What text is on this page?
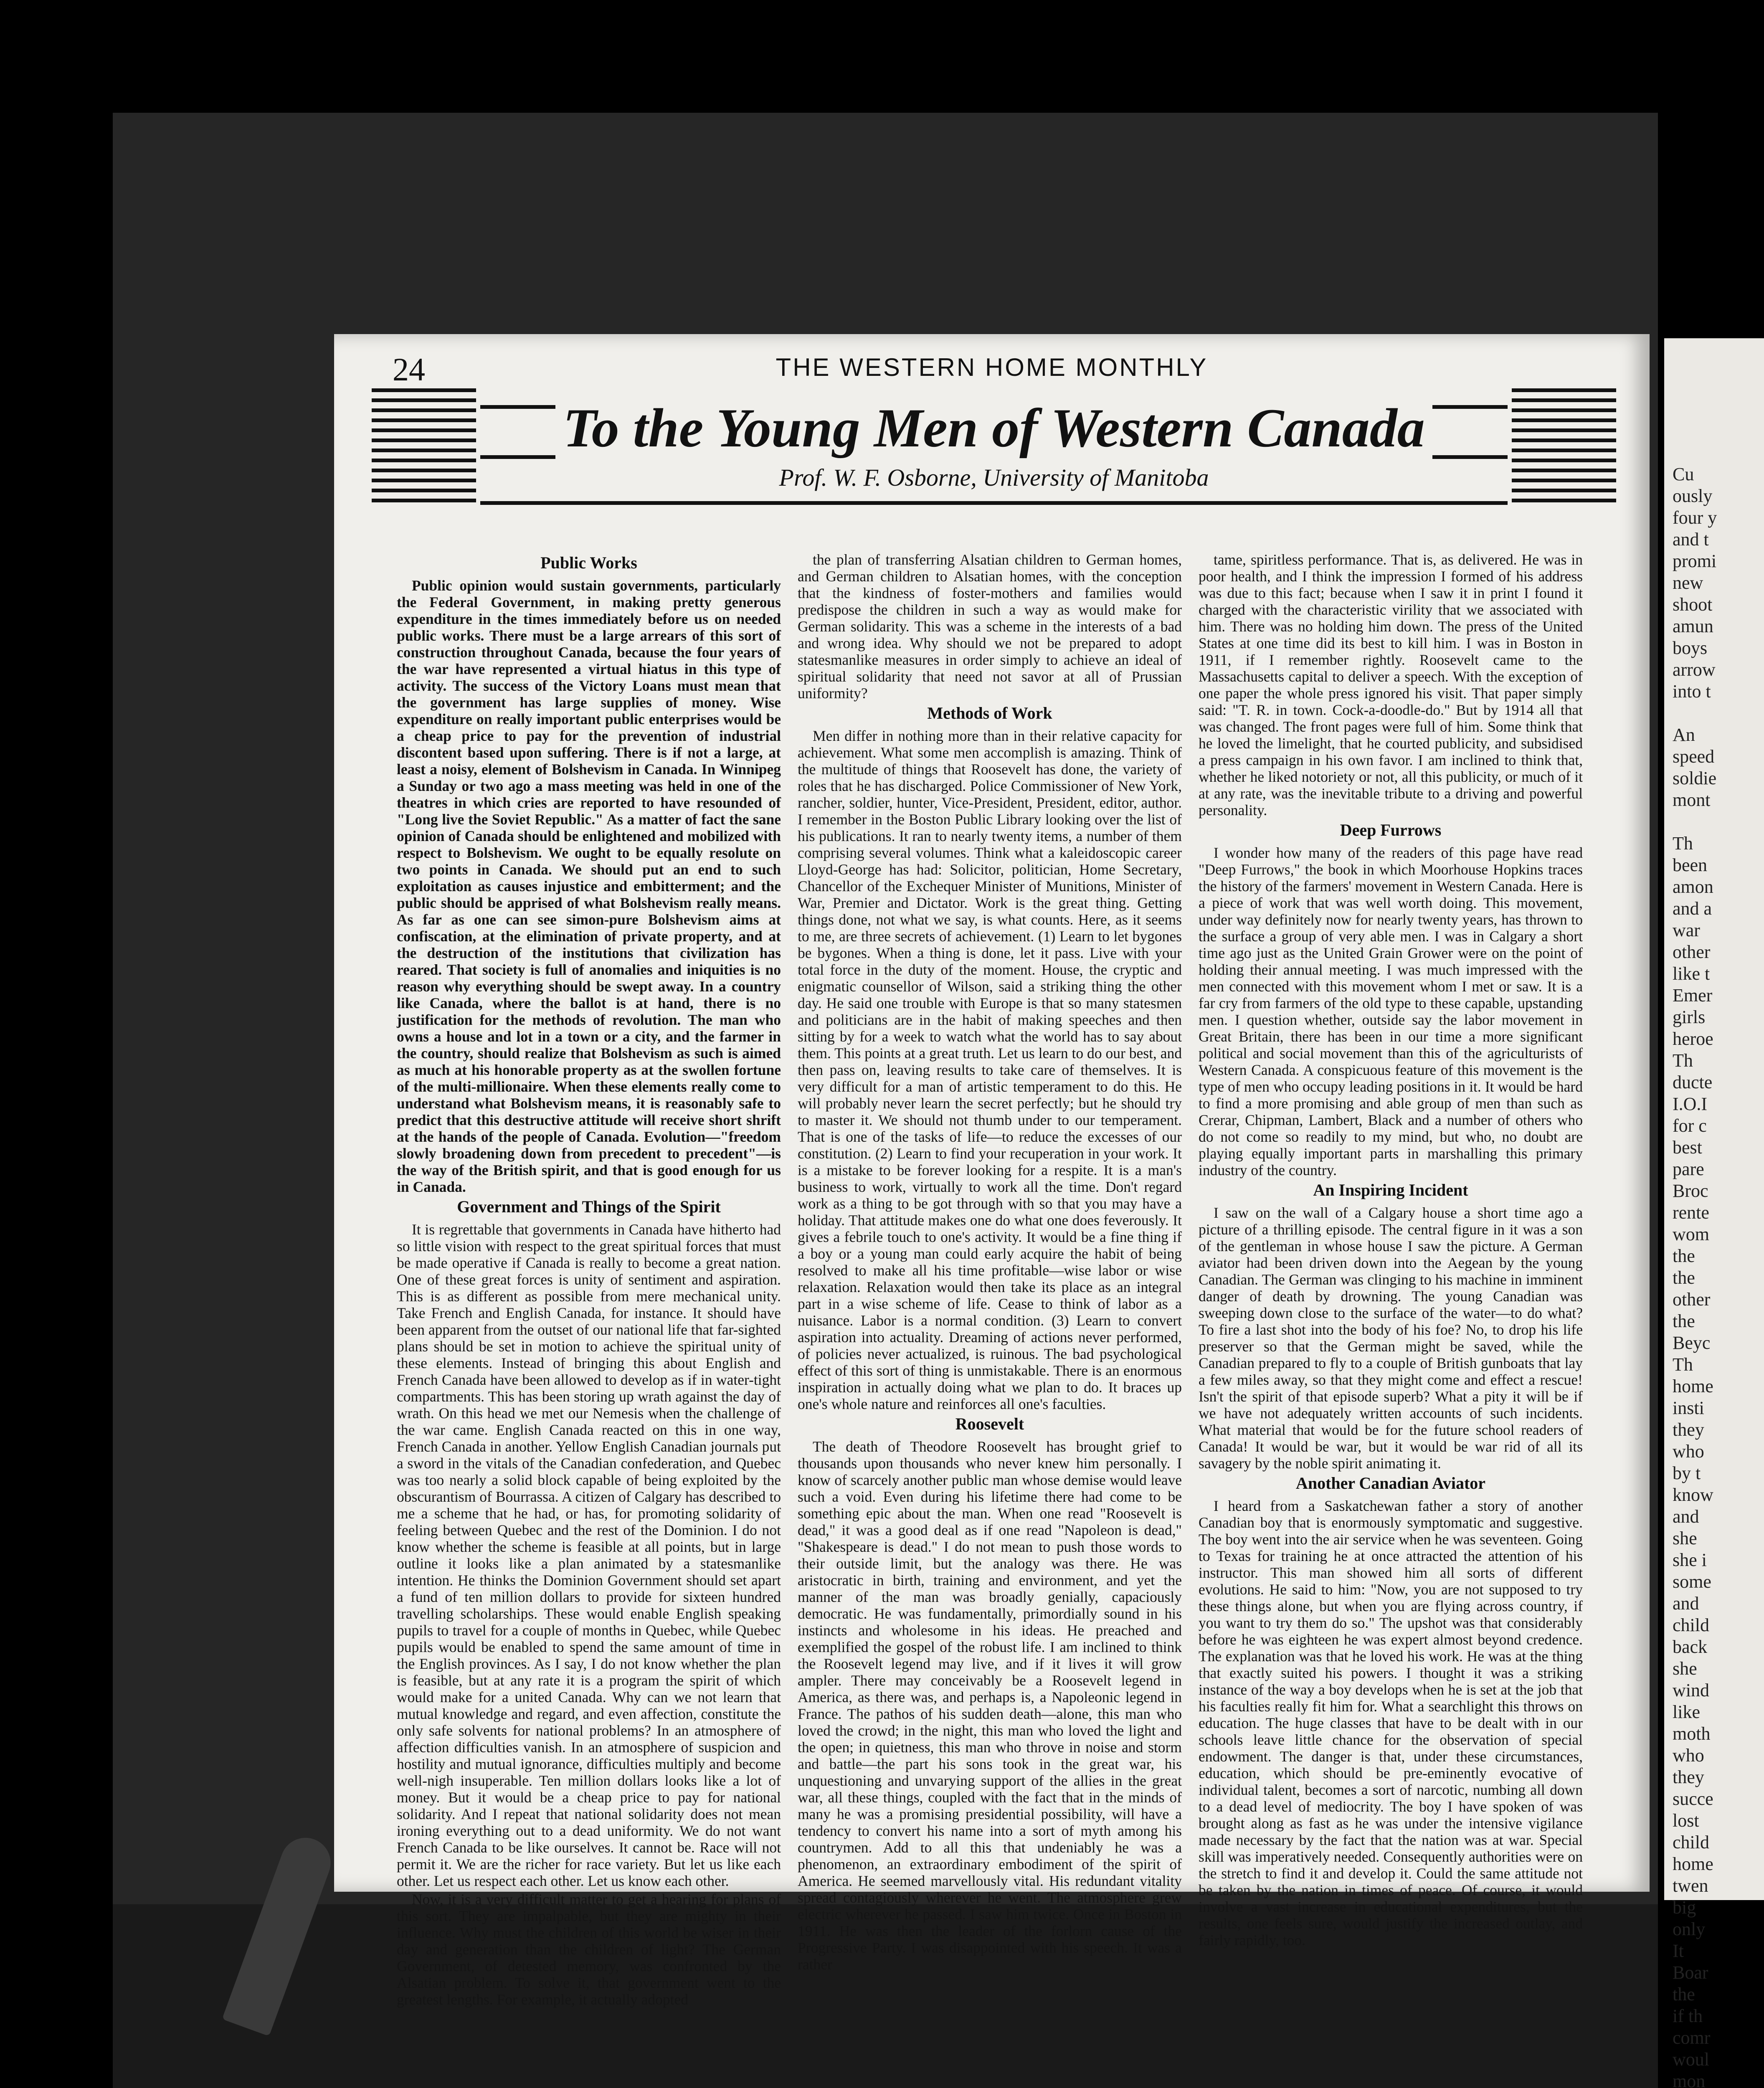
24	THE WESTERN HOME MONTHLY
To the Young Men of Western Canada
Prof. W. F. Osborne, University of Manitoba
Public Works

Public opinion would sustain governments, particularly the Federal Government, in making pretty generous expenditure in the times immediately before us on needed public works. There must be a large arrears of this sort of construction throughout Canada, because the four years of the war have represented a virtual hiatus in this type of activity. The success of the Victory Loans must mean that the government has large supplies of money. Wise expenditure on really important public enterprises would be a cheap price to pay for the prevention of industrial discontent based upon suffering. There is if not a large, at least a noisy, element of Bolshevism in Canada. In Winnipeg a Sunday or two ago a mass meeting was held in one of the theatres in which cries are reported to have resounded of "Long live the Soviet Republic." As a matter of fact the sane opinion of Canada should be enlightened and mobilized with respect to Bolshevism. We ought to be equally resolute on two points in Canada. We should put an end to such exploitation as causes injustice and embitterment; and the public should be apprised of what Bolshevism really means. As far as one can see simon-pure Bolshevism aims at confiscation, at the elimination of private property, and at the destruction of the institutions that civilization has reared. That society is full of anomalies and iniquities is no reason why everything should be swept away. In a country like Canada, where the ballot is at hand, there is no justification for the methods of revolution. The man who owns a house and lot in a town or a city, and the farmer in the country, should realize that Bolshevism as such is aimed as much at his honorable property as at the swollen fortune of the multi-millionaire. When these elements really come to understand what Bolshevism means, it is reasonably safe to predict that this destructive attitude will receive short shrift at the hands of the people of Canada. Evolution—"freedom slowly broadening down from precedent to precedent"—is the way of the British spirit, and that is good enough for us in Canada.

Government and Things of the Spirit

It is regrettable that governments in Canada have hitherto had so little vision with respect to the great spiritual forces that must be made operative if Canada is really to become a great nation. One of these great forces is unity of sentiment and aspiration. This is as different as possible from mere mechanical unity. Take French and English Canada, for instance. It should have been apparent from the outset of our national life that far-sighted plans should be set in motion to achieve the spiritual unity of these elements. Instead of bringing this about English and French Canada have been allowed to develop as if in water-tight compartments. This has been storing up wrath against the day of wrath. On this head we met our Nemesis when the challenge of the war came. English Canada reacted on this in one way, French Canada in another. Yellow English Canadian journals put a sword in the vitals of the Canadian confederation, and Quebec was too nearly a solid block capable of being exploited by the obscurantism of Bourrassa. A citizen of Calgary has described to me a scheme that he had, or has, for promoting solidarity of feeling between Quebec and the rest of the Dominion. I do not know whether the scheme is feasible at all points, but in large outline it looks like a plan animated by a statesmanlike intention. He thinks the Dominion Government should set apart a fund of ten million dollars to provide for sixteen hundred travelling scholarships. These would enable English speaking pupils to travel for a couple of months in Quebec, while Quebec pupils would be enabled to spend the same amount of time in the English provinces. As I say, I do not know whether the plan is feasible, but at any rate it is a program the spirit of which would make for a united Canada. Why can we not learn that mutual knowledge and regard, and even affection, constitute the only safe solvents for national problems? In an atmosphere of affection difficulties vanish. In an atmosphere of suspicion and hostility and mutual ignorance, difficulties multiply and become well-nigh insuperable. Ten million dollars looks like a lot of money. But it would be a cheap price to pay for national solidarity. And I repeat that national solidarity does not mean ironing everything out to a dead uniformity. We do not want French Canada to be like ourselves. It cannot be. Race will not permit it. We are the richer for race variety. But let us like each other. Let us respect each other. Let us know each other.

Now, it is a very difficult matter to get a hearing for plans of this sort. They are impalpable, but they are mighty in their influence. Why must the children of this world be wiser in their day and generation than the children of light? The German Government, of detested memory, was confronted by the Alsatian problem. To solve it, that government went to the greatest lengths. For example, it actually adopted

the plan of transferring Alsatian children to German homes, and German children to Alsatian homes, with the conception that the kindness of foster-mothers and families would predispose the children in such a way as would make for German solidarity. This was a scheme in the interests of a bad and wrong idea. Why should we not be prepared to adopt statesmanlike measures in order simply to achieve an ideal of spiritual solidarity that need not savor at all of Prussian uniformity?

Methods of Work

Men differ in nothing more than in their relative capacity for achievement. What some men accomplish is amazing. Think of the multitude of things that Roosevelt has done, the variety of roles that he has discharged. Police Commissioner of New York, rancher, soldier, hunter, Vice-President, President, editor, author. I remember in the Boston Public Library looking over the list of his publications. It ran to nearly twenty items, a number of them comprising several volumes. Think what a kaleidoscopic career Lloyd-George has had: Solicitor, politician, Home Secretary, Chancellor of the Exchequer Minister of Munitions, Minister of War, Premier and Dictator. Work is the great thing. Getting things done, not what we say, is what counts. Here, as it seems to me, are three secrets of achievement. (1) Learn to let bygones be bygones. When a thing is done, let it pass. Live with your total force in the duty of the moment. House, the cryptic and enigmatic counsellor of Wilson, said a striking thing the other day. He said one trouble with Europe is that so many statesmen and politicians are in the habit of making speeches and then sitting by for a week to watch what the world has to say about them. This points at a great truth. Let us learn to do our best, and then pass on, leaving results to take care of themselves. It is very difficult for a man of artistic temperament to do this. He will probably never learn the secret perfectly; but he should try to master it. We should not thumb under to our temperament. That is one of the tasks of life—to reduce the excesses of our constitution. (2) Learn to find your recuperation in your work. It is a mistake to be forever looking for a respite. It is a man's business to work, virtually to work all the time. Don't regard work as a thing to be got through with so that you may have a holiday. That attitude makes one do what one does feverously. It gives a febrile touch to one's activity. It would be a fine thing if a boy or a young man could early acquire the habit of being resolved to make all his time profitable—wise labor or wise relaxation. Relaxation would then take its place as an integral part in a wise scheme of life. Cease to think of labor as a nuisance. Labor is a normal condition. (3) Learn to convert aspiration into actuality. Dreaming of actions never performed, of policies never actualized, is ruinous. The bad psychological effect of this sort of thing is unmistakable. There is an enormous inspiration in actually doing what we plan to do. It braces up one's whole nature and reinforces all one's faculties.

Roosevelt

The death of Theodore Roosevelt has brought grief to thousands upon thousands who never knew him personally. I know of scarcely another public man whose demise would leave such a void. Even during his lifetime there had come to be something epic about the man. When one read "Roosevelt is dead," it was a good deal as if one read "Napoleon is dead," "Shakespeare is dead." I do not mean to push those words to their outside limit, but the analogy was there. He was aristocratic in birth, training and environment, and yet the manner of the man was broadly genially, capaciously democratic. He was fundamentally, primordially sound in his instincts and wholesome in his ideas. He preached and exemplified the gospel of the robust life. I am inclined to think the Roosevelt legend may live, and if it lives it will grow ampler. There may conceivably be a Roosevelt legend in America, as there was, and perhaps is, a Napoleonic legend in France. The pathos of his sudden death—alone, this man who loved the crowd; in the night, this man who loved the light and the open; in quietness, this man who throve in noise and storm and battle—the part his sons took in the great war, his unquestioning and unvarying support of the allies in the great war, all these things, coupled with the fact that in the minds of many he was a promising presidential possibility, will have a tendency to convert his name into a sort of myth among his countrymen. Add to all this that undeniably he was a phenomenon, an extraordinary embodiment of the spirit of America. He seemed marvellously vital. His redundant vitality spread contagiously wherever he went. The atmosphere grew electric wherever he passed. I saw him twice. Once in Boston in 1911. He was then the leader of the forlorn cause of the Progressive Party. I was disappointed with his speech. It was a rather

tame, spiritless performance. That is, as delivered. He was in poor health, and I think the impression I formed of his address was due to this fact; because when I saw it in print I found it charged with the characteristic virility that we associated with him. There was no holding him down. The press of the United States at one time did its best to kill him. I was in Boston in 1911, if I remember rightly. Roosevelt came to the Massachusetts capital to deliver a speech. With the exception of one paper the whole press ignored his visit. That paper simply said: "T. R. in town. Cock-a-doodle-do." But by 1914 all that was changed. The front pages were full of him. Some think that he loved the limelight, that he courted publicity, and subsidised a press campaign in his own favor. I am inclined to think that, whether he liked notoriety or not, all this publicity, or much of it at any rate, was the inevitable tribute to a driving and powerful personality.

Deep Furrows

I wonder how many of the readers of this page have read "Deep Furrows," the book in which Moorhouse Hopkins traces the history of the farmers' movement in Western Canada. Here is a piece of work that was well worth doing. This movement, under way definitely now for nearly twenty years, has thrown to the surface a group of very able men. I was in Calgary a short time ago just as the United Grain Grower were on the point of holding their annual meeting. I was much impressed with the men connected with this movement whom I met or saw. It is a far cry from farmers of the old type to these capable, upstanding men. I question whether, outside say the labor movement in Great Britain, there has been in our time a more significant political and social movement than this of the agriculturists of Western Canada. A conspicuous feature of this movement is the type of men who occupy leading positions in it. It would be hard to find a more promising and able group of men than such as Crerar, Chipman, Lambert, Black and a number of others who do not come so readily to my mind, but who, no doubt are playing equally important parts in marshalling this primary industry of the country.

An Inspiring Incident

I saw on the wall of a Calgary house a short time ago a picture of a thrilling episode. The central figure in it was a son of the gentleman in whose house I saw the picture. A German aviator had been driven down into the Aegean by the young Canadian. The German was clinging to his machine in imminent danger of death by drowning. The young Canadian was sweeping down close to the surface of the water—to do what? To fire a last shot into the body of his foe? No, to drop his life preserver so that the German might be saved, while the Canadian prepared to fly to a couple of British gunboats that lay a few miles away, so that they might come and effect a rescue! Isn't the spirit of that episode superb? What a pity it will be if we have not adequately written accounts of such incidents. What material that would be for the future school readers of Canada! It would be war, but it would be war rid of all its savagery by the noble spirit animating it.

Another Canadian Aviator

I heard from a Saskatchewan father a story of another Canadian boy that is enormously symptomatic and suggestive. The boy went into the air service when he was seventeen. Going to Texas for training he at once attracted the attention of his instructor. This man showed him all sorts of different evolutions. He said to him: "Now, you are not supposed to try these things alone, but when you are flying across country, if you want to try them do so." The upshot was that considerably before he was eighteen he was expert almost beyond credence. The explanation was that he loved his work. He was at the thing that exactly suited his powers. I thought it was a striking instance of the way a boy develops when he is set at the job that his faculties really fit him for. What a searchlight this throws on education. The huge classes that have to be dealt with in our schools leave little chance for the observation of special endowment. The danger is that, under these circumstances, education, which should be pre-eminently evocative of individual talent, becomes a sort of narcotic, numbing all down to a dead level of mediocrity. The boy I have spoken of was brought along as fast as he was under the intensive vigilance made necessary by the fact that the nation was at war. Special skill was imperatively needed. Consequently authorities were on the stretch to find it and develop it. Could the same attitude not be taken by the nation in times of peace. Of course, it would involve a vast increase in educational expenditures, but the results, one feels sure, would justify the increased outlay, and fairly rapidly, too.

Cu
ously
four y
and t
promi
new
shoot
amun
boys
arrow
into t

An
speed
soldie
mont

Th
been
amon
and a
war
other
like t
Emer
girls
heroe
Th
ducte
I.O.I
for c
best
pare
Broc
rente
wom
the
the
other
the
Beyc
Th
home
insti
they
who
by t
know
and
she
she i
some
and
child
back
she
wind
like
moth
who
they
succe
lost
child
home
twen
big
only
It
Boar
the
if th
comr
woul
mon
